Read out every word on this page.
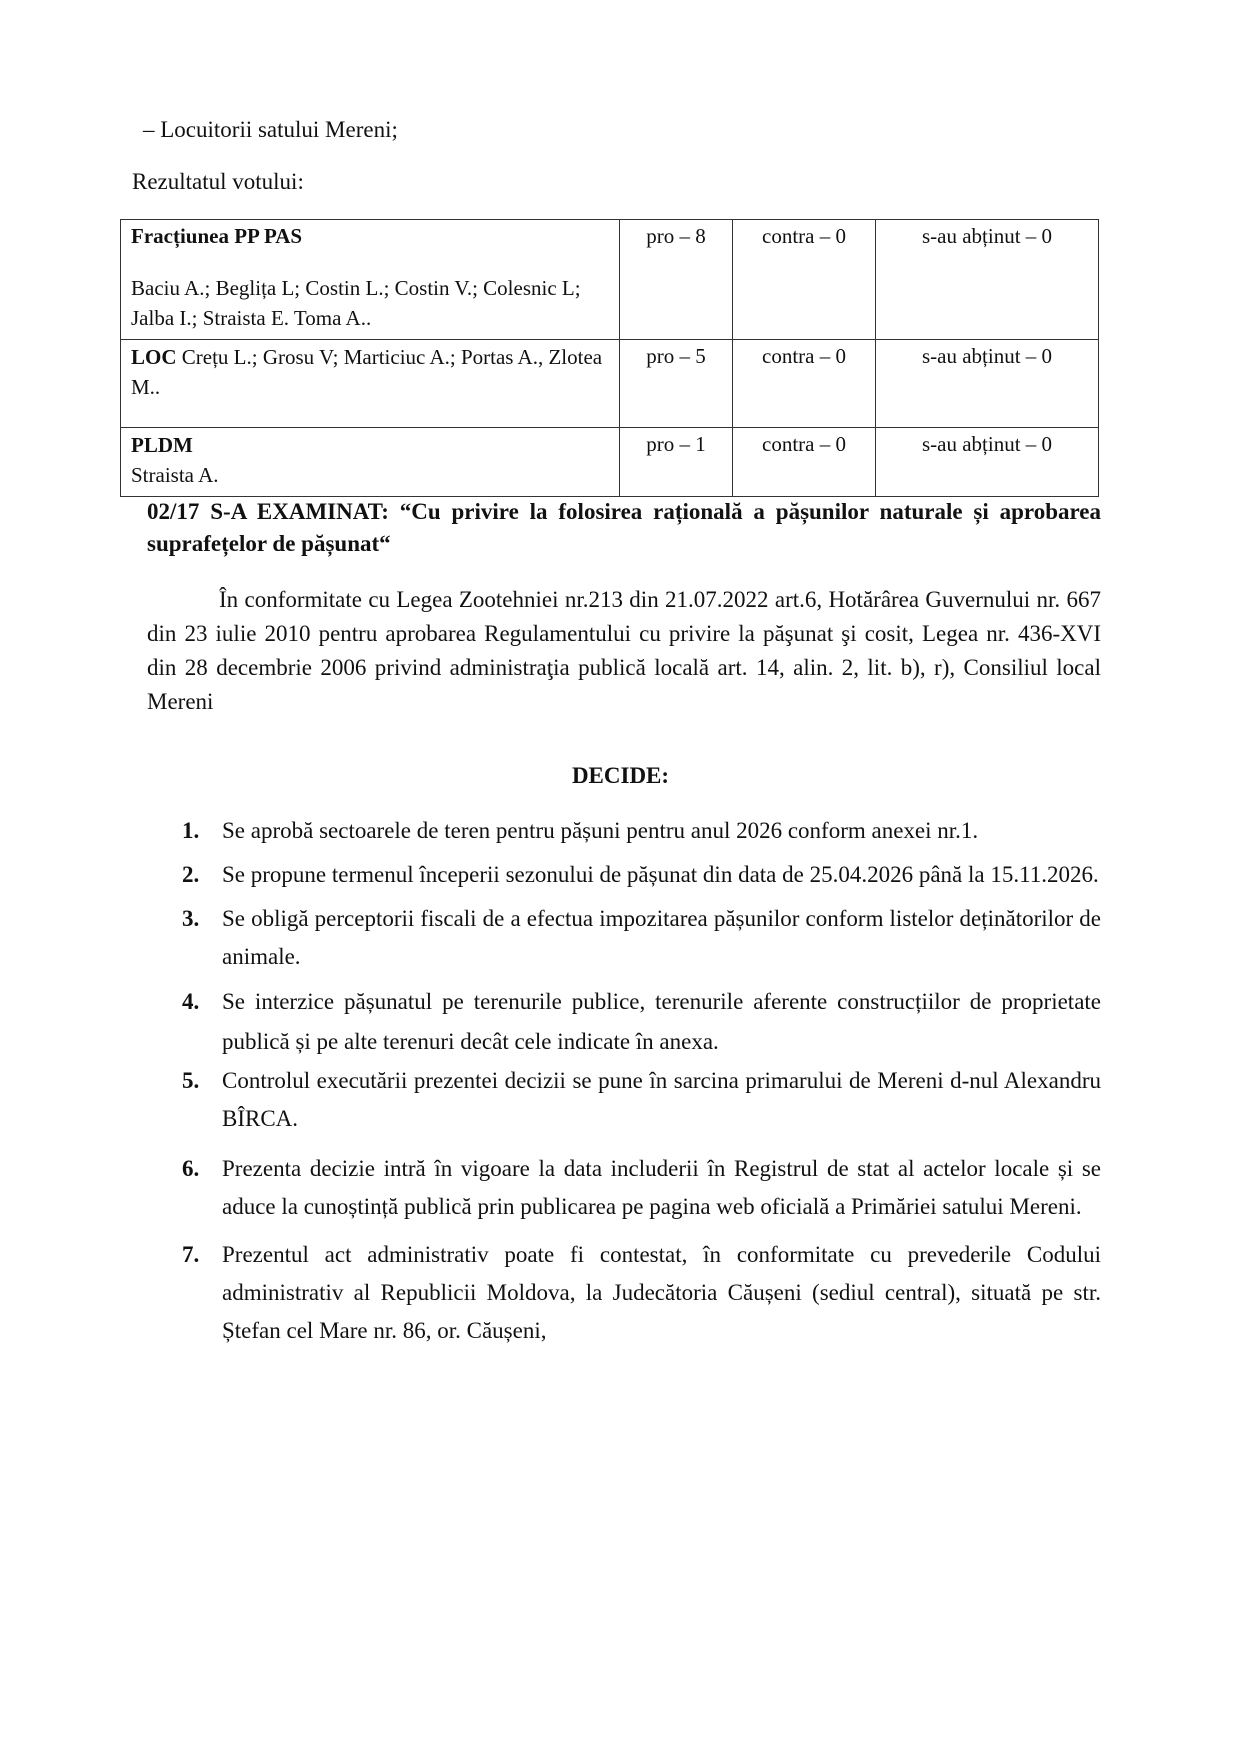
– Locuitorii satului Mereni;
Rezultatul votului:
Fracțiunea PP PAS
Baciu A.; Beglița L; Costin L.; Costin V.; Colesnic L; Jalba I.; Straista E. Toma A..	pro – 8	contra – 0	s-au abținut – 0
LOC Crețu L.; Grosu V; Marticiuc A.; Portas A., Zlotea M..	pro – 5	contra – 0	s-au abținut – 0

PLDM
Straista A.	pro – 1	contra – 0	s-au abținut – 0
02/17 S-A EXAMINAT: “Cu privire la folosirea rațională a pășunilor naturale și aprobarea suprafețelor de pășunat“
În conformitate cu Legea Zootehniei nr.213 din 21.07.2022 art.6, Hotărârea Guvernului nr. 667 din 23 iulie 2010 pentru aprobarea Regulamentului cu privire la păşunat şi cosit, Legea nr. 436-XVI din 28 decembrie 2006 privind administraţia publică locală art. 14, alin. 2, lit. b), r), Consiliul local Mereni
DECIDE:
1. Se aprobă sectoarele de teren pentru pășuni pentru anul 2026 conform anexei nr.1.
2. Se propune termenul începerii sezonului de pășunat din data de 25.04.2026 până la 15.11.2026.
3. Se obligă perceptorii fiscali de a efectua impozitarea pășunilor conform listelor deținătorilor de animale.
4. Se interzice pășunatul pe terenurile publice, terenurile aferente construcțiilor de proprietate publică și pe alte terenuri decât cele indicate în anexa.
5. Controlul executării prezentei decizii se pune în sarcina primarului de Mereni d-nul Alexandru BÎRCA.
6. Prezenta decizie intră în vigoare la data includerii în Registrul de stat al actelor locale și se aduce la cunoștință publică prin publicarea pe pagina web oficială a Primăriei satului Mereni.
7. Prezentul act administrativ poate fi contestat, în conformitate cu prevederile Codului administrativ al Republicii Moldova, la Judecătoria Căușeni (sediul central), situată pe str. Ștefan cel Mare nr. 86, or. Căușeni,
